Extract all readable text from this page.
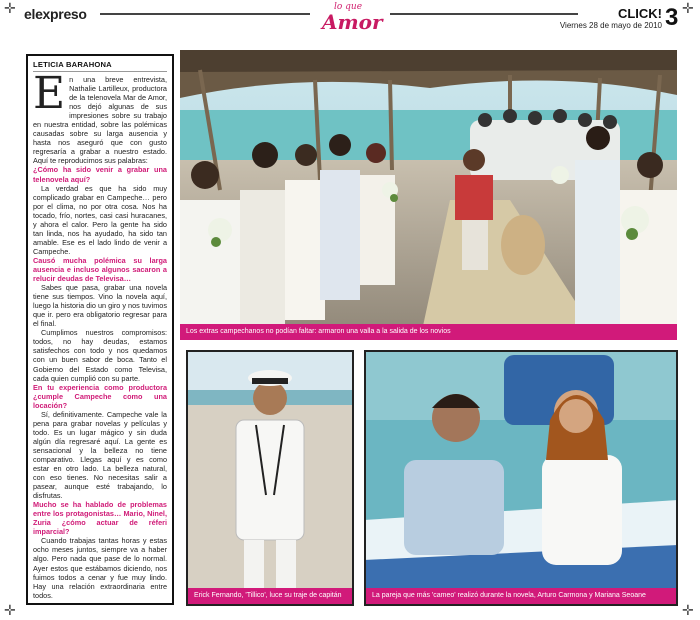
✛	✛
✛	✛
elexpreso	lo que
Amor	CLICK!
Viernes 28 de mayo de 2010 3
LETICIA BARAHONA
E n una breve entrevista, Nathalie Lartilleux, productora de la telenovela Mar de Amor, nos dejó algunas de sus impresiones sobre su trabajo en nuestra entidad, sobre las polémicas causadas sobre su larga ausencia y hasta nos aseguró que con gusto regresaría a grabar a nuestro estado. Aquí te reproducimos sus palabras:

¿Cómo ha sido venir a grabar una telenovela aquí?

La verdad es que ha sido muy complicado grabar en Campeche… pero por el clima, no por otra cosa. Nos ha tocado, frío, nortes, casi casi huracanes, y ahora el calor. Pero la gente ha sido tan linda, nos ha ayudado, ha sido tan amable. Ese es el lado lindo de venir a Campeche.

Causó mucha polémica su larga ausencia e incluso algunos sacaron a relucir deudas de Televisa…

Sabes que pasa, grabar una novela tiene sus tiempos. Vino la novela aquí, luego la historia dio un giro y nos tuvimos que ir. pero era obligatorio regresar para el final.

Cumplimos nuestros compromisos: todos, no hay deudas, estamos satisfechos con todo y nos quedamos con un buen sabor de boca. Tanto el Gobierno del Estado como Televisa, cada quien cumplió con su parte.

En tu experiencia como productora ¿cumple Campeche como una locación?

Sí, definitivamente. Campeche vale la pena para grabar novelas y películas y todo. Es un lugar mágico y sin duda algún día regresaré aquí. La gente es sensacional y la belleza no tiene comparativo. Llegas aquí y es como estar en otro lado. La belleza natural, con eso tienes. No necesitas salir a pasear, aunque esté trabajando, lo disfrutas.

Mucho se ha hablado de problemas entre los protagonistas… Mario, Ninel, Zuria ¿cómo actuar de réferi imparcial?

Cuando trabajas tantas horas y estas ocho meses juntos, siempre va a haber algo. Pero nada que pase de lo normal. Ayer estos que estábamos diciendo, nos fuimos todos a cenar y fue muy lindo. Hay una relación extraordinaria entre todos.

Los extras campechanos no podían faltar: armaron una valla a la salida de los novios
Erick Fernando, 'Tillico', luce su traje de capitán	La pareja que más 'cameo' realizó durante la novela, Arturo Carmona y Mariana Seoane
